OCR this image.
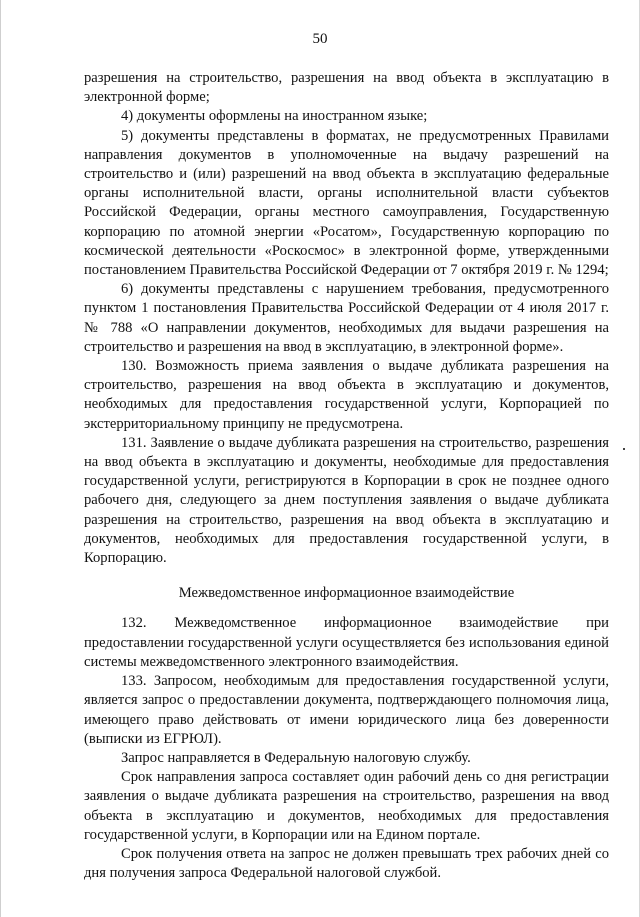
50

разрешения на строительство, разрешения на ввод объекта в эксплуатацию в электронной форме;

4) документы оформлены на иностранном языке;

5) документы представлены в форматах, не предусмотренных Правилами направления документов в уполномоченные на выдачу разрешений на строительство и (или) разрешений на ввод объекта в эксплуатацию федеральные органы исполнительной власти, органы исполнительной власти субъектов Российской Федерации, органы местного самоуправления, Государственную корпорацию по атомной энергии «Росатом», Государственную корпорацию по космической деятельности «Роскосмос» в электронной форме, утвержденными постановлением Правительства Российской Федерации от 7 октября 2019 г. № 1294;

6) документы представлены с нарушением требования, предусмотренного пунктом 1 постановления Правительства Российской Федерации от 4 июля 2017 г. № 788 «О направлении документов, необходимых для выдачи разрешения на строительство и разрешения на ввод в эксплуатацию, в электронной форме».

130. Возможность приема заявления о выдаче дубликата разрешения на строительство, разрешения на ввод объекта в эксплуатацию и документов, необходимых для предоставления государственной услуги, Корпорацией по экстерриториальному принципу не предусмотрена.

131. Заявление о выдаче дубликата разрешения на строительство, разрешения на ввод объекта в эксплуатацию и документы, необходимые для предоставления государственной услуги, регистрируются в Корпорации в срок не позднее одного рабочего дня, следующего за днем поступления заявления о выдаче дубликата разрешения на строительство, разрешения на ввод объекта в эксплуатацию и документов, необходимых для предоставления государственной услуги, в Корпорацию.

Межведомственное информационное взаимодействие

132. Межведомственное информационное взаимодействие при предоставлении государственной услуги осуществляется без использования единой системы межведомственного электронного взаимодействия.

133. Запросом, необходимым для предоставления государственной услуги, является запрос о предоставлении документа, подтверждающего полномочия лица, имеющего право действовать от имени юридического лица без доверенности (выписки из ЕГРЮЛ).

Запрос направляется в Федеральную налоговую службу.

Срок направления запроса составляет один рабочий день со дня регистрации заявления о выдаче дубликата разрешения на строительство, разрешения на ввод объекта в эксплуатацию и документов, необходимых для предоставления государственной услуги, в Корпорации или на Едином портале.

Срок получения ответа на запрос не должен превышать трех рабочих дней со дня получения запроса Федеральной налоговой службой.
